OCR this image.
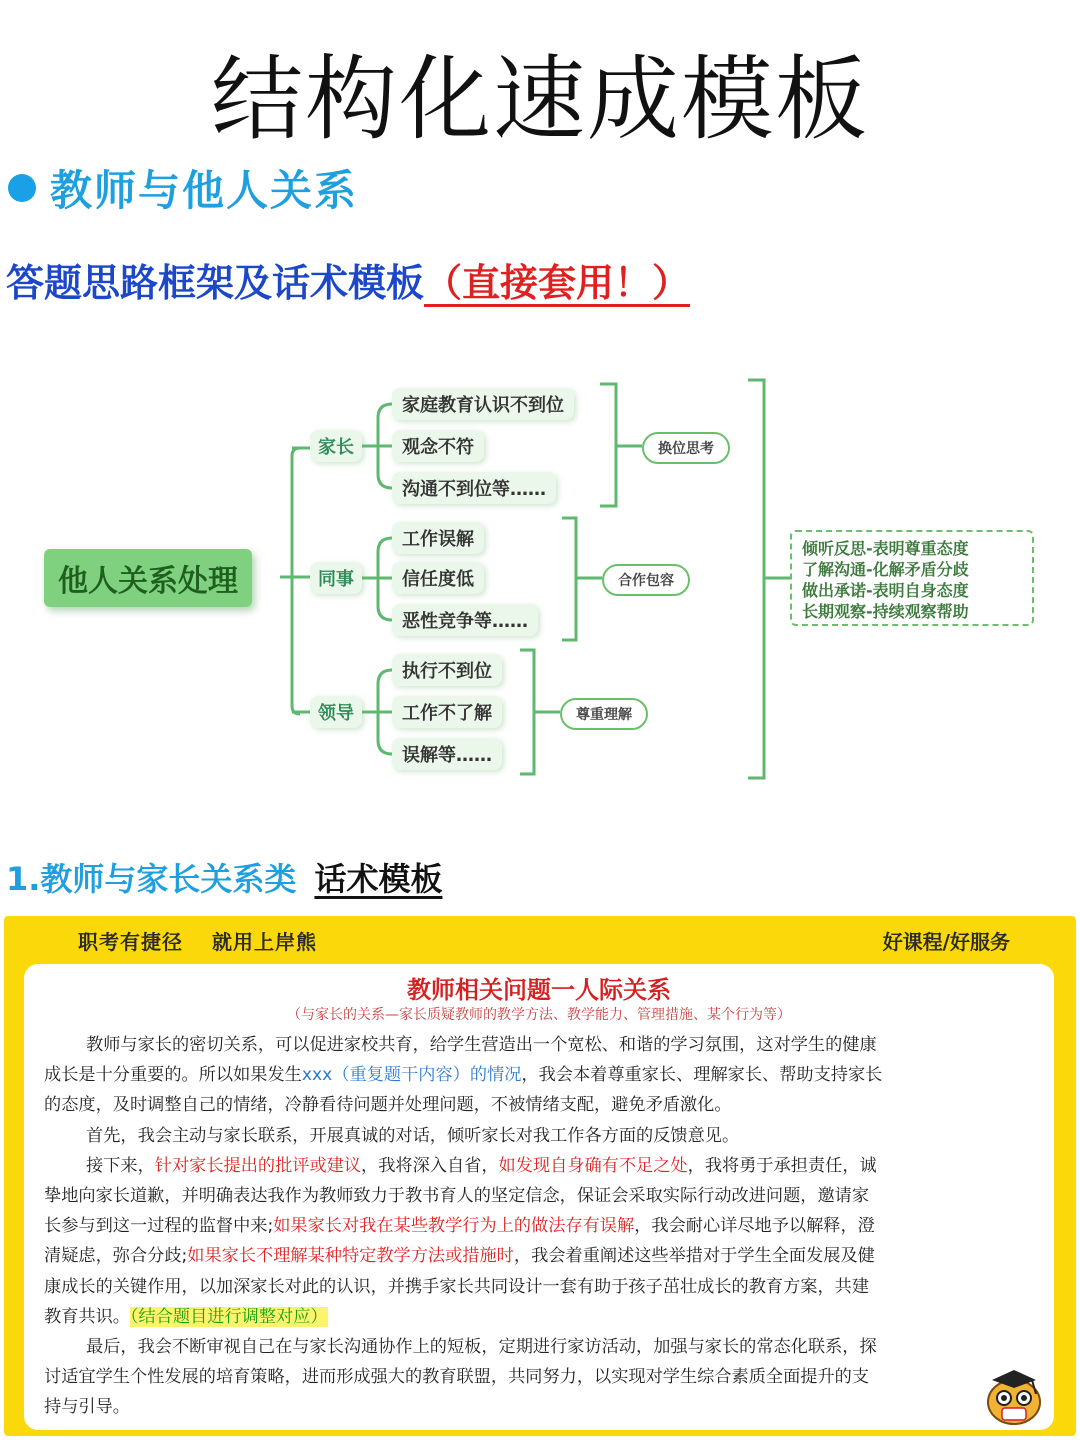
结构化速成模板
教师与他人关系
答题思路框架及话术模板（直接套用！）
他人关系处理
家长
同事
领导
家庭教育认识不到位
观念不符
沟通不到位等……
工作误解
信任度低
恶性竞争等……
执行不到位
工作不了解
误解等……
换位思考
合作包容
尊重理解
倾听反思-表明尊重态度
了解沟通-化解矛盾分歧
做出承诺-表明自身态度
长期观察-持续观察帮助
1.教师与家长关系类 话术模板
职考有捷径　 就用上岸熊	好课程/好服务
教师相关问题一人际关系
（与家长的关系—家长质疑教师的教学方法、教学能力、管理措施、某个行为等）
教师与家长的密切关系，可以促进家校共育，给学生营造出一个宽松、和谐的学习氛围，这对学生的健康
成长是十分重要的。所以如果发生xxx（重复题干内容）的情况，我会本着尊重家长、理解家长、帮助支持家长
的态度，及时调整自己的情绪，冷静看待问题并处理问题，不被情绪支配，避免矛盾激化。
首先，我会主动与家长联系，开展真诚的对话，倾听家长对我工作各方面的反馈意见。
接下来，针对家长提出的批评或建议，我将深入自省，如发现自身确有不足之处，我将勇于承担责任，诚
挚地向家长道歉，并明确表达我作为教师致力于教书育人的坚定信念，保证会采取实际行动改进问题，邀请家
长参与到这一过程的监督中来;如果家长对我在某些教学行为上的做法存有误解，我会耐心详尽地予以解释，澄
清疑虑，弥合分歧;如果家长不理解某种特定教学方法或措施时，我会着重阐述这些举措对于学生全面发展及健
康成长的关键作用，以加深家长对此的认识，并携手家长共同设计一套有助于孩子茁壮成长的教育方案，共建
教育共识。（结合题目进行调整对应）
最后，我会不断审视自己在与家长沟通协作上的短板，定期进行家访活动，加强与家长的常态化联系，探
讨适宜学生个性发展的培育策略，进而形成强大的教育联盟，共同努力，以实现对学生综合素质全面提升的支
持与引导。
